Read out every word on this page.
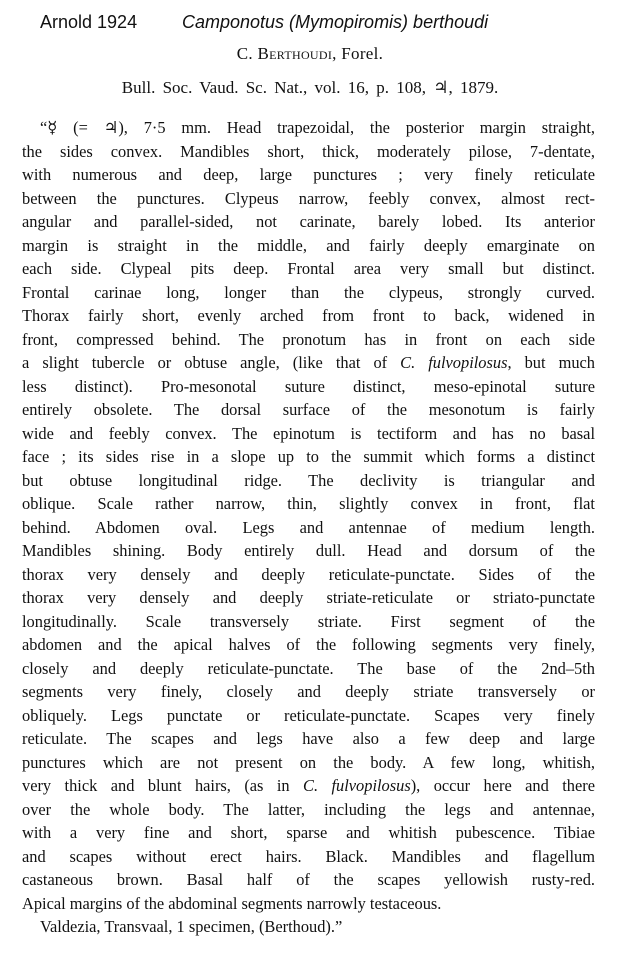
Arnold 1924 Camponotus (Mymopiromis) berthoudi
C. Berthoudi, Forel.
Bull. Soc. Vaud. Sc. Nat., vol. 16, p. 108, ♃, 1879.
“☿ (= ♃), 7·5 mm. Head trapezoidal, the posterior margin straight,
the sides convex. Mandibles short, thick, moderately pilose, 7-dentate,
with numerous and deep, large punctures ; very finely reticulate
between the punctures. Clypeus narrow, feebly convex, almost rect-
angular and parallel-sided, not carinate, barely lobed. Its anterior
margin is straight in the middle, and fairly deeply emarginate on
each side. Clypeal pits deep. Frontal area very small but distinct.
Frontal carinae long, longer than the clypeus, strongly curved.
Thorax fairly short, evenly arched from front to back, widened in
front, compressed behind. The pronotum has in front on each side
a slight tubercle or obtuse angle, (like that of C. fulvopilosus, but much
less distinct). Pro-mesonotal suture distinct, meso-epinotal suture
entirely obsolete. The dorsal surface of the mesonotum is fairly
wide and feebly convex. The epinotum is tectiform and has no basal
face ; its sides rise in a slope up to the summit which forms a distinct
but obtuse longitudinal ridge. The declivity is triangular and
oblique. Scale rather narrow, thin, slightly convex in front, flat
behind. Abdomen oval. Legs and antennae of medium length.
Mandibles shining. Body entirely dull. Head and dorsum of the
thorax very densely and deeply reticulate-punctate. Sides of the
thorax very densely and deeply striate-reticulate or striato-punctate
longitudinally. Scale transversely striate. First segment of the
abdomen and the apical halves of the following segments very finely,
closely and deeply reticulate-punctate. The base of the 2nd–5th
segments very finely, closely and deeply striate transversely or
obliquely. Legs punctate or reticulate-punctate. Scapes very finely
reticulate. The scapes and legs have also a few deep and large
punctures which are not present on the body. A few long, whitish,
very thick and blunt hairs, (as in C. fulvopilosus), occur here and there
over the whole body. The latter, including the legs and antennae,
with a very fine and short, sparse and whitish pubescence. Tibiae
and scapes without erect hairs. Black. Mandibles and flagellum
castaneous brown. Basal half of the scapes yellowish rusty-red.
Apical margins of the abdominal segments narrowly testaceous.
Valdezia, Transvaal, 1 specimen, (Berthoud).”
